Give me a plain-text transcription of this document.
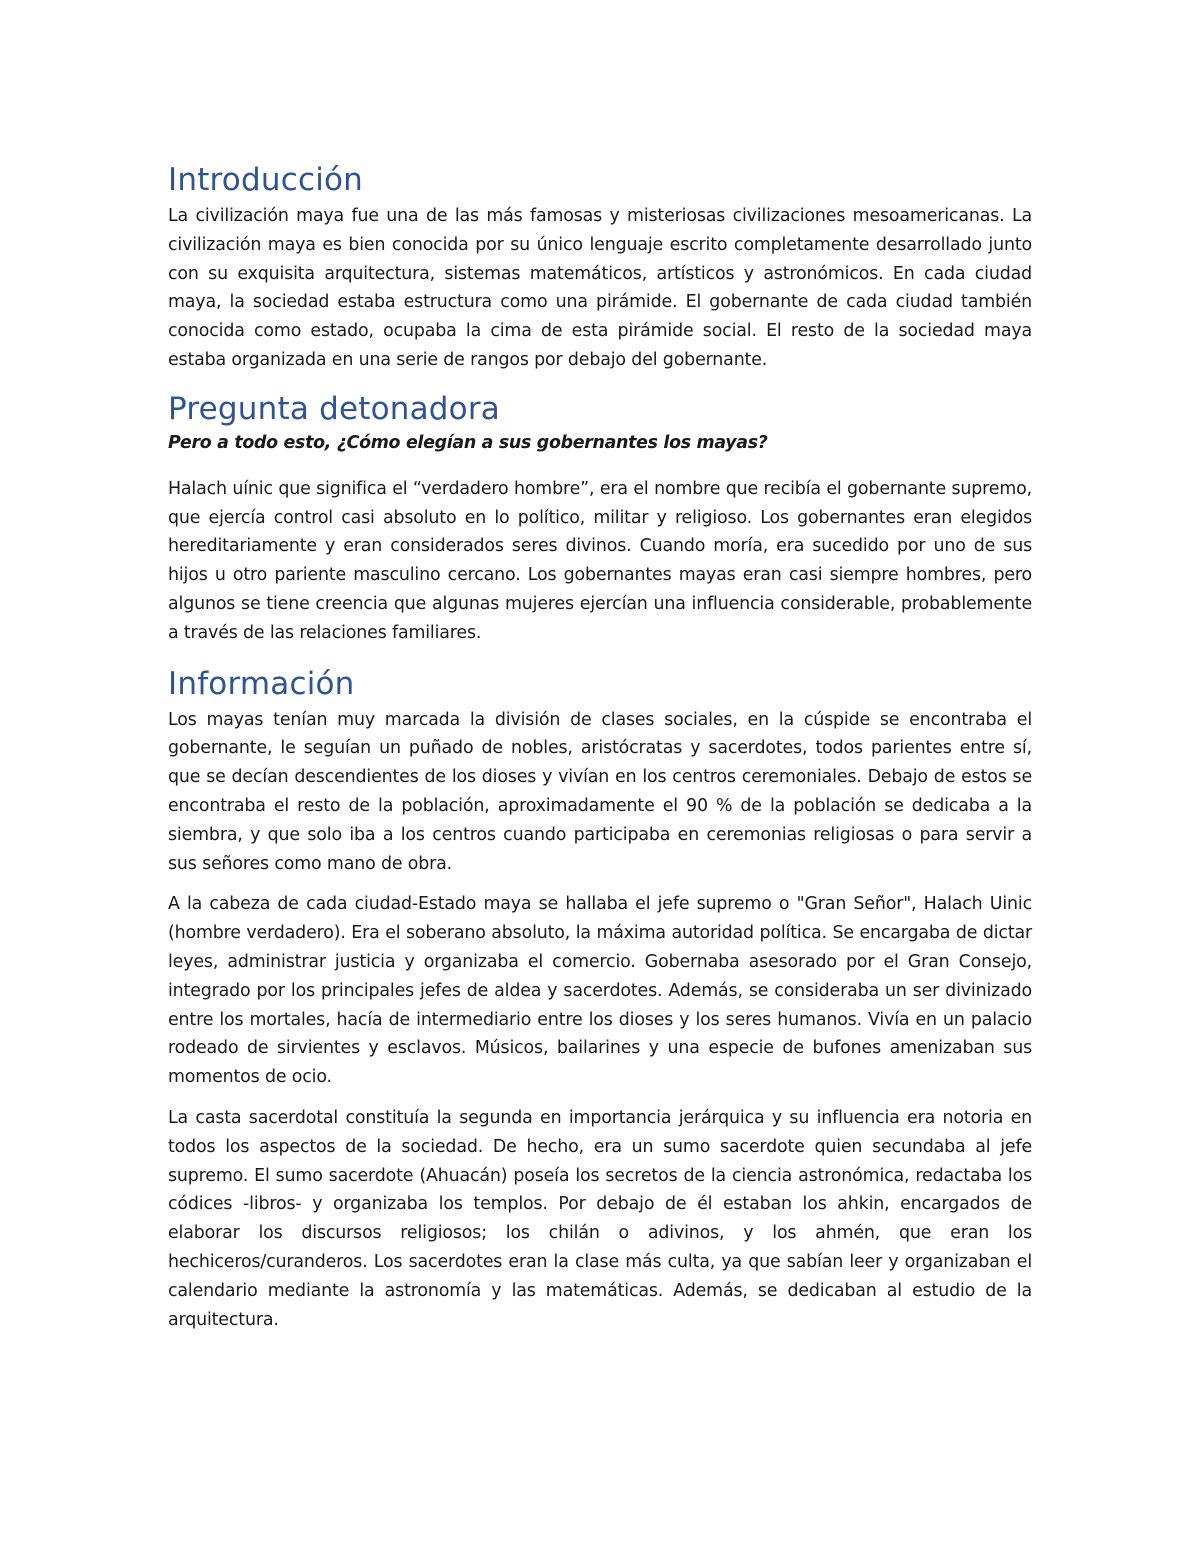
Introducción

La civilización maya fue una de las más famosas y misteriosas civilizaciones mesoamericanas. La civilización maya es bien conocida por su único lenguaje escrito completamente desarrollado junto con su exquisita arquitectura, sistemas matemáticos, artísticos y astronómicos. En cada ciudad maya, la sociedad estaba estructura como una pirámide. El gobernante de cada ciudad también conocida como estado, ocupaba la cima de esta pirámide social. El resto de la sociedad maya estaba organizada en una serie de rangos por debajo del gobernante.

Pregunta detonadora
Pero a todo esto, ¿Cómo elegían a sus gobernantes los mayas?

Halach uínic que significa el “verdadero hombre”, era el nombre que recibía el gobernante supremo, que ejercía control casi absoluto en lo político, militar y religioso. Los gobernantes eran elegidos hereditariamente y eran considerados seres divinos. Cuando moría, era sucedido por uno de sus hijos u otro pariente masculino cercano. Los gobernantes mayas eran casi siempre hombres, pero algunos se tiene creencia que algunas mujeres ejercían una influencia considerable, probablemente a través de las relaciones familiares.

Información

Los mayas tenían muy marcada la división de clases sociales, en la cúspide se encontraba el gobernante, le seguían un puñado de nobles, aristócratas y sacerdotes, todos parientes entre sí, que se decían descendientes de los dioses y vivían en los centros ceremoniales. Debajo de estos se encontraba el resto de la población, aproximadamente el 90 % de la población se dedicaba a la siembra, y que solo iba a los centros cuando participaba en ceremonias religiosas o para servir a sus señores como mano de obra.

A la cabeza de cada ciudad-Estado maya se hallaba el jefe supremo o "Gran Señor", Halach Uinic (hombre verdadero). Era el soberano absoluto, la máxima autoridad política. Se encargaba de dictar leyes, administrar justicia y organizaba el comercio. Gobernaba asesorado por el Gran Consejo, integrado por los principales jefes de aldea y sacerdotes. Además, se consideraba un ser divinizado entre los mortales, hacía de intermediario entre los dioses y los seres humanos. Vivía en un palacio rodeado de sirvientes y esclavos. Músicos, bailarines y una especie de bufones amenizaban sus momentos de ocio.

La casta sacerdotal constituía la segunda en importancia jerárquica y su influencia era notoria en todos los aspectos de la sociedad. De hecho, era un sumo sacerdote quien secundaba al jefe supremo. El sumo sacerdote (Ahuacán) poseía los secretos de la ciencia astronómica, redactaba los códices -libros- y organizaba los templos. Por debajo de él estaban los ahkin, encargados de elaborar los discursos religiosos; los chilán o adivinos, y los ahmén, que eran los hechiceros/curanderos. Los sacerdotes eran la clase más culta, ya que sabían leer y organizaban el calendario mediante la astronomía y las matemáticas. Además, se dedicaban al estudio de la arquitectura.
